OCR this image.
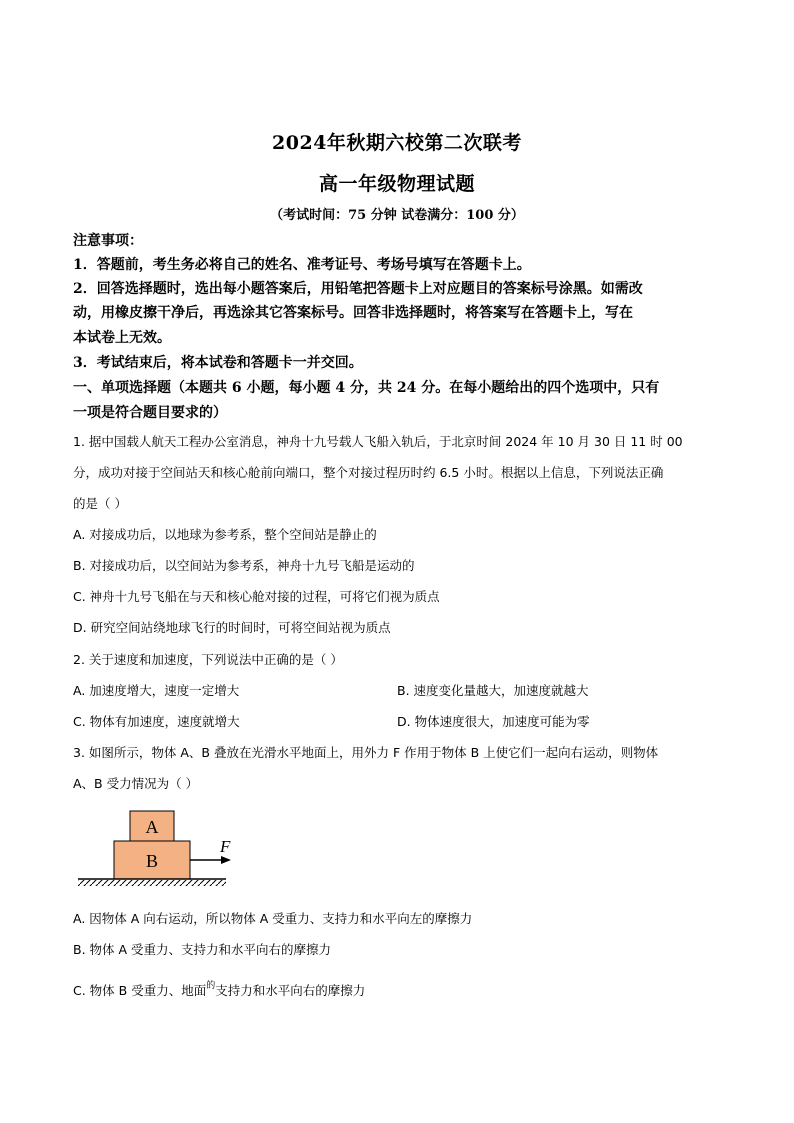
2024年秋期六校第二次联考
高一年级物理试题
（考试时间：75 分钟 试卷满分：100 分）
注意事项：
1．答题前，考生务必将自己的姓名、准考证号、考场号填写在答题卡上。
2．回答选择题时，选出每小题答案后，用铅笔把答题卡上对应题目的答案标号涂黑。如需改
动，用橡皮擦干净后，再选涂其它答案标号。回答非选择题时，将答案写在答题卡上，写在
本试卷上无效。
3．考试结束后，将本试卷和答题卡一并交回。
一、单项选择题（本题共 6 小题，每小题 4 分，共 24 分。在每小题给出的四个选项中，只有
一项是符合题目要求的）
1. 据中国载人航天工程办公室消息，神舟十九号载人飞船入轨后，于北京时间 2024 年 10 月 30 日 11 时 00
分，成功对接于空间站天和核心舱前向端口，整个对接过程历时约 6.5 小时。根据以上信息，下列说法正确
的是（ ）
A. 对接成功后，以地球为参考系，整个空间站是静止的
B. 对接成功后，以空间站为参考系，神舟十九号飞船是运动的
C. 神舟十九号飞船在与天和核心舱对接的过程，可将它们视为质点
D. 研究空间站绕地球飞行的时间时，可将空间站视为质点
2. 关于速度和加速度，下列说法中正确的是（ ）
A. 加速度增大，速度一定增大	B. 速度变化量越大，加速度就越大
C. 物体有加速度，速度就增大	D. 物体速度很大，加速度可能为零
3. 如图所示，物体 A、B 叠放在光滑水平地面上，用外力 F 作用于物体 B 上使它们一起向右运动，则物体
A、B 受力情况为（ ）
A
B
F
A. 因物体 A 向右运动，所以物体 A 受重力、支持力和水平向左的摩擦力
B. 物体 A 受重力、支持力和水平向右的摩擦力
C. 物体 B 受重力、地面$^的$支持力和水平向右的摩擦力
